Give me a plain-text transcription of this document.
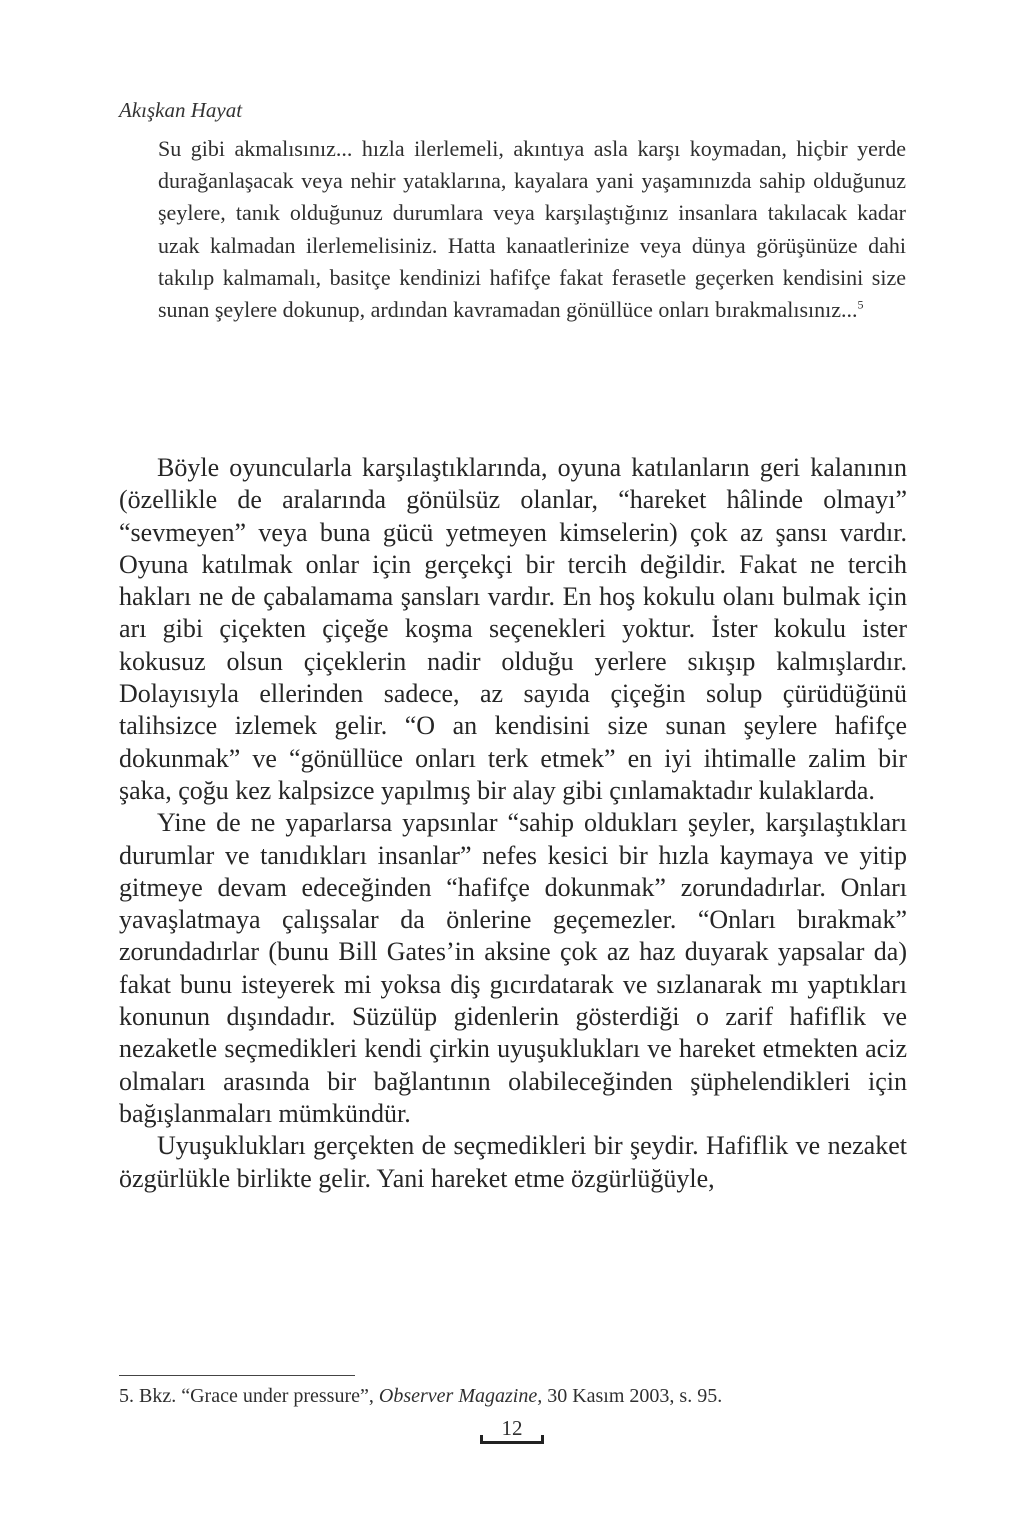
Akışkan Hayat

Su gibi akmalısınız... hızla ilerlemeli, akıntıya asla karşı koymadan, hiçbir yerde durağanlaşacak veya nehir yataklarına, kayalara yani yaşamınızda sahip olduğunuz şeylere, tanık olduğunuz durumlara veya karşılaştığınız insanlara takılacak kadar uzak kalmadan ilerlemelisiniz. Hatta kanaatlerinize veya dünya görüşünüze dahi takılıp kalmamalı, basitçe kendinizi hafifçe fakat ferasetle geçerken kendisini size sunan şeylere dokunup, ardından kavramadan gönüllüce onları bırakmalısınız...$^5$

Böyle oyuncularla karşılaştıklarında, oyuna katılanların geri kalanının (özellikle de aralarında gönülsüz olanlar, “hareket hâlinde olmayı” “sevmeyen” veya buna gücü yetmeyen kimselerin) çok az şansı vardır. Oyuna katılmak onlar için gerçekçi bir tercih değildir. Fakat ne tercih hakları ne de çabalamama şansları vardır. En hoş kokulu olanı bulmak için arı gibi çiçekten çiçeğe koşma seçenekleri yoktur. İster kokulu ister kokusuz olsun çiçeklerin nadir olduğu yerlere sıkışıp kalmışlardır. Dolayısıyla ellerinden sadece, az sayıda çiçeğin solup çürüdüğünü talihsizce izlemek gelir. “O an kendisini size sunan şeylere hafifçe dokunmak” ve “gönüllüce onları terk etmek” en iyi ihtimalle zalim bir şaka, çoğu kez kalpsizce yapılmış bir alay gibi çınlamaktadır kulaklarda.

Yine de ne yaparlarsa yapsınlar “sahip oldukları şeyler, karşılaştıkları durumlar ve tanıdıkları insanlar” nefes kesici bir hızla kaymaya ve yitip gitmeye devam edeceğinden “hafifçe dokunmak” zorundadırlar. Onları yavaşlatmaya çalışsalar da önlerine geçemezler. “Onları bırakmak” zorundadırlar (bunu Bill Gates’in aksine çok az haz duyarak yapsalar da) fakat bunu isteyerek mi yoksa diş gıcırdatarak ve sızlanarak mı yaptıkları konunun dışındadır. Süzülüp gidenlerin gösterdiği o zarif hafiflik ve nezaketle seçmedikleri kendi çirkin uyuşuklukları ve hareket etmekten aciz olmaları arasında bir bağlantının olabileceğinden şüphelendikleri için bağışlanmaları mümkündür.

Uyuşuklukları gerçekten de seçmedikleri bir şeydir. Hafiflik ve nezaket özgürlükle birlikte gelir. Yani hareket etme özgürlüğüyle,

5. Bkz. “Grace under pressure”, Observer Magazine, 30 Kasım 2003, s. 95.
12
